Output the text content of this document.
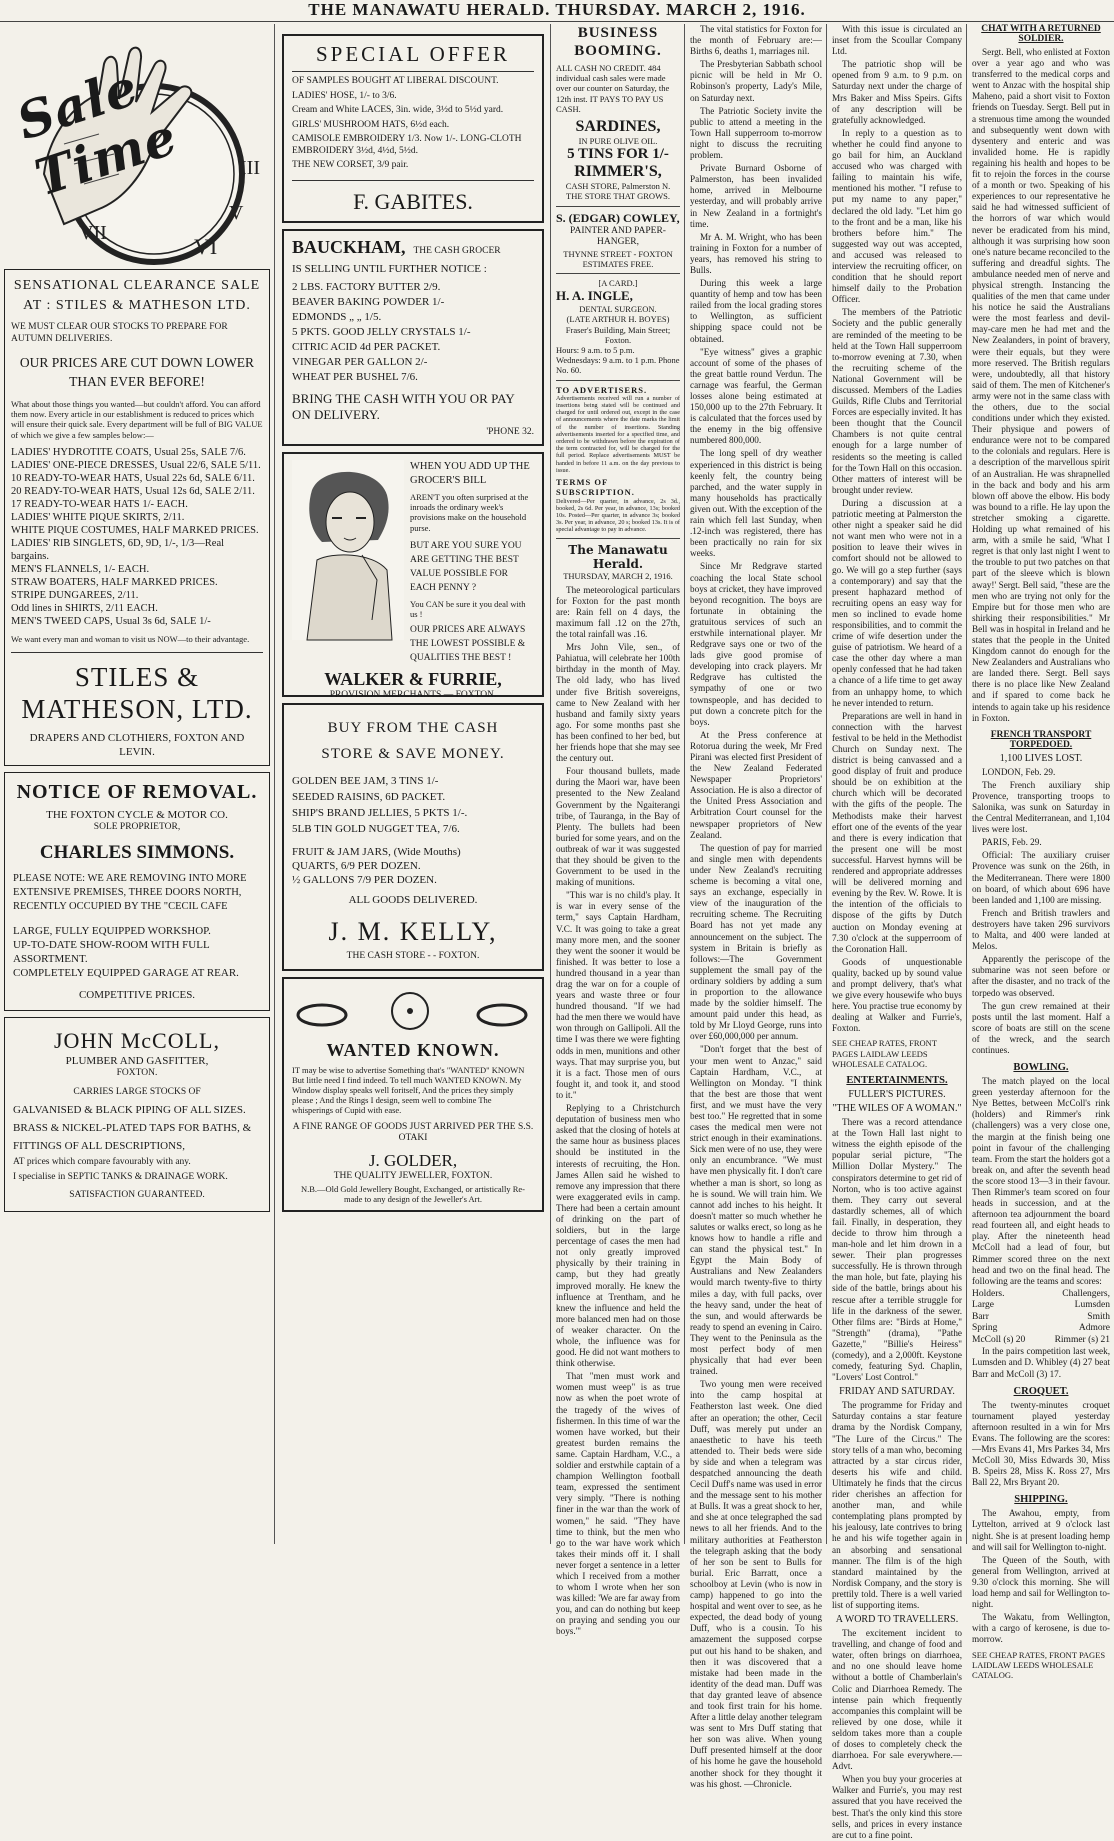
THE MANAWATU HERALD. THURSDAY. MARCH 2, 1916.
VI
V
III
VII
Sale Time
SENSATIONAL CLEARANCE SALE AT : STILES & MATHESON LTD.
WE MUST CLEAR OUR STOCKS TO PREPARE FOR AUTUMN DELIVERIES.
OUR PRICES ARE CUT DOWN LOWER THAN EVER BEFORE!
What about those things you wanted—but couldn't afford. You can afford them now. Every article in our establishment is reduced to prices which will ensure their quick sale. Every department will be full of BIG VALUE of which we give a few samples below:—
LADIES' HYDROTITE COATS, Usual 25s, SALE 7/6.
LADIES' ONE-PIECE DRESSES, Usual 22/6, SALE 5/11.
10 READY-TO-WEAR HATS, Usual 22s 6d, SALE 6/11.
20 READY-TO-WEAR HATS, Usual 12s 6d, SALE 2/11.
17 READY-TO-WEAR HATS 1/- EACH.
LADIES' WHITE PIQUE SKIRTS, 2/11.
WHITE PIQUE COSTUMES, HALF MARKED PRICES.
LADIES' RIB SINGLETS, 6D, 9D, 1/-, 1/3—Real bargains.
MEN'S FLANNELS, 1/- EACH.
STRAW BOATERS, HALF MARKED PRICES.
STRIPE DUNGAREES, 2/11.
Odd lines in SHIRTS, 2/11 EACH.
MEN'S TWEED CAPS, Usual 3s 6d, SALE 1/-
We want every man and woman to visit us NOW—to their advantage.
STILES & MATHESON, LTD.
DRAPERS AND CLOTHIERS, FOXTON AND LEVIN.
NOTICE OF REMOVAL.
THE FOXTON CYCLE & MOTOR CO.
SOLE PROPRIETOR,
CHARLES SIMMONS.
PLEASE NOTE: WE ARE REMOVING INTO MORE EXTENSIVE PREMISES, THREE DOORS NORTH, RECENTLY OCCUPIED BY THE "CECIL CAFE
LARGE, FULLY EQUIPPED WORKSHOP.
UP-TO-DATE SHOW-ROOM WITH FULL ASSORTMENT.
COMPLETELY EQUIPPED GARAGE AT REAR.
COMPETITIVE PRICES.
JOHN McCOLL,
PLUMBER AND GASFITTER,
FOXTON.
CARRIES LARGE STOCKS OF
GALVANISED & BLACK PIPING OF ALL SIZES.
BRASS & NICKEL-PLATED TAPS FOR BATHS, &
FITTINGS OF ALL DESCRIPTIONS,
AT prices which compare favourably with any.
I specialise in SEPTIC TANKS & DRAINAGE WORK.
SATISFACTION GUARANTEED.
SPECIAL OFFER
OF SAMPLES BOUGHT AT LIBERAL DISCOUNT.
LADIES' HOSE, 1/- to 3/6.
Cream and White LACES, 3in. wide, 3½d to 5½d yard.
GIRLS' MUSHROOM HATS, 6½d each.
CAMISOLE EMBROIDERY 1/3. Now 1/-. LONG-CLOTH EMBROIDERY 3½d, 4½d, 5½d.
THE NEW CORSET, 3/9 pair.
F. GABITES.
BAUCKHAM, THE CASH GROCER
IS SELLING UNTIL FURTHER NOTICE :
2 LBS. FACTORY BUTTER 2/9.
BEAVER BAKING POWDER 1/-
EDMONDS „ „ 1/5.
5 PKTS. GOOD JELLY CRYSTALS 1/-
CITRIC ACID 4d PER PACKET.
VINEGAR PER GALLON 2/-
WHEAT PER BUSHEL 7/6.
BRING THE CASH WITH YOU OR PAY ON DELIVERY.
'PHONE 32.
WHEN YOU ADD UP THE GROCER'S BILL
AREN'T you often surprised at the inroads the ordinary week's provisions make on the household purse.
BUT ARE YOU SURE YOU ARE GETTING THE BEST VALUE POSSIBLE FOR EACH PENNY ?
You CAN be sure it you deal with us !
OUR PRICES ARE ALWAYS THE LOWEST POSSIBLE & QUALITIES THE BEST !
WALKER & FURRIE,
PROVISION MERCHANTS — FOXTON.
BUY FROM THE CASH STORE & SAVE MONEY.
GOLDEN BEE JAM, 3 TINS 1/-
SEEDED RAISINS, 6D PACKET.
SHIP'S BRAND JELLIES, 5 PKTS 1/-.
5LB TIN GOLD NUGGET TEA, 7/6.
FRUIT & JAM JARS, (Wide Mouths)
QUARTS, 6/9 PER DOZEN.
½ GALLONS 7/9 PER DOZEN.
ALL GOODS DELIVERED.
J. M. KELLY,
THE CASH STORE - - FOXTON.
WANTED KNOWN.
IT may be wise to advertise Something that's "WANTED" KNOWN But little need I find indeed. To tell much WANTED KNOWN. My Window display speaks well foritself, And the prices they simply please ; And the Rings I design, seem well to combine The whisperings of Cupid with ease.
A FINE RANGE OF GOODS JUST ARRIVED PER THE S.S. OTAKI
J. GOLDER,
THE QUALITY JEWELLER, FOXTON.
N.B.—Old Gold Jewellery Bought, Exchanged, or artistically Re-made to any design of the Jeweller's Art.
BUSINESS BOOMING.
ALL CASH NO CREDIT. 484 individual cash sales were made over our counter on Saturday, the 12th inst. IT PAYS TO PAY US CASH.
SARDINES,
IN PURE OLIVE OIL.
5 TINS FOR 1/-
RIMMER'S,
CASH STORE, Palmerston N.
THE STORE THAT GROWS.
S. (EDGAR) COWLEY,
PAINTER AND PAPER-HANGER,
THYNNE STREET - FOXTON
ESTIMATES FREE.
[A CARD.]
H. A. INGLE,
DENTAL SURGEON.
(LATE ARTHUR H. BOYES)
Fraser's Building, Main Street; Foxton.
Hours: 9 a.m. to 5 p.m. Wednesdays: 9 a.m. to 1 p.m. Phone No. 60.
TO ADVERTISERS.
Advertisements received will run a number of insertions being stated will be continued and charged for until ordered out, except in the case of announcements where the date marks the limit of the number of insertions. Standing advertisements inserted for a specified time, and ordered to be withdrawn before the expiration of the term contracted for, will be charged for the full period. Replace advertisements MUST be handed in before 11 a.m. on the day previous to issue.
TERMS OF SUBSCRIPTION.
Delivered—Per quarter, in advance, 2s 3d., booked, 2s 6d. Per year, in advance, 13s; booked 10s. Posted—Per quarter, in advance 3s; booked 3s. Per year, in advance, 20 s; booked 13s. It is of special advantage to pay in advance.
The Manawatu Herald.
THURSDAY, MARCH 2, 1916.
The meteorological particulars for Foxton for the past month are: Rain fell on 4 days, the maximum fall .12 on the 27th, the total rainfall was .16.
Mrs John Vile, sen., of Pahiatua, will celebrate her 100th birthday in the month of May. The old lady, who has lived under five British sovereigns, came to New Zealand with her husband and family sixty years ago. For some months past she has been confined to her bed, but her friends hope that she may see the century out.
Four thousand bullets, made during the Maori war, have been presented to the New Zealand Government by the Ngaiterangi tribe, of Tauranga, in the Bay of Plenty. The bullets had been buried for some years, and on the outbreak of war it was suggested that they should be given to the Government to be used in the making of munitions.
"This war is no child's play. It is war in every sense of the term," says Captain Hardham, V.C. It was going to take a great many more men, and the sooner they went the sooner it would be finished. It was better to lose a hundred thousand in a year than drag the war on for a couple of years and waste three or four hundred thousand. "If we had had the men there we would have won through on Gallipoli. All the time I was there we were fighting odds in men, munitions and other ways. That may surprise you, but it is a fact. Those men of ours fought it, and took it, and stood to it."
Replying to a Christchurch deputation of business men who asked that the closing of hotels at the same hour as business places should be instituted in the interests of recruiting, the Hon. James Allen said he wished to remove any impression that there were exaggerated evils in camp. There had been a certain amount of drinking on the part of soldiers, but in the large percentage of cases the men had not only greatly improved physically by their training in camp, but they had greatly improved morally. He knew the influence at Trentham, and he knew the influence and held the more balanced men had on those of weaker character. On the whole, the influence was for good. He did not want mothers to think otherwise.
That "men must work and women must weep" is as true now as when the poet wrote of the tragedy of the wives of fishermen. In this time of war the women have worked, but their greatest burden remains the same. Captain Hardham, V.C., a soldier and erstwhile captain of a champion Wellington football team, expressed the sentiment very simply. "There is nothing finer in the war than the work of women," he said. "They have time to think, but the men who go to the war have work which takes their minds off it. I shall never forget a sentence in a letter which I received from a mother to whom I wrote when her son was killed: 'We are far away from you, and can do nothing but keep on praying and sending you our boys.'"
The vital statistics for Foxton for the month of February are:— Births 6, deaths 1, marriages nil.
The Presbyterian Sabbath school picnic will be held in Mr O. Robinson's property, Lady's Mile, on Saturday next.
The Patriotic Society invite the public to attend a meeting in the Town Hall supperroom to-morrow night to discuss the recruiting problem.
Private Burnard Osborne of Palmerston, has been invalided home, arrived in Melbourne yesterday, and will probably arrive in New Zealand in a fortnight's time.
Mr A. M. Wright, who has been training in Foxton for a number of years, has removed his string to Bulls.
During this week a large quantity of hemp and tow has been railed from the local grading stores to Wellington, as sufficient shipping space could not be obtained.
"Eye witness" gives a graphic account of some of the phases of the great battle round Verdun. The carnage was fearful, the German losses alone being estimated at 150,000 up to the 27th February. It is calculated that the forces used by the enemy in the big offensive numbered 800,000.
The long spell of dry weather experienced in this district is being keenly felt, the country being parched, and the water supply in many households has practically given out. With the exception of the rain which fell last Sunday, when .12-inch was registered, there has been practically no rain for six weeks.
Since Mr Redgrave started coaching the local State school boys at cricket, they have improved beyond recognition. The boys are fortunate in obtaining the gratuitous services of such an erstwhile international player. Mr Redgrave says one or two of the lads give good promise of developing into crack players. Mr Redgrave has cultisted the sympathy of one or two townspeople, and has decided to put down a concrete pitch for the boys.
At the Press conference at Rotorua during the week, Mr Fred Pirani was elected first President of the New Zealand Federated Newspaper Proprietors' Association. He is also a director of the United Press Association and Arbitration Court counsel for the newspaper proprietors of New Zealand.
The question of pay for married and single men with dependents under New Zealand's recruiting scheme is becoming a vital one, says an exchange, especially in view of the inauguration of the recruiting scheme. The Recruiting Board has not yet made any announcement on the subject. The system in Britain is briefly as follows:—The Government supplement the small pay of the ordinary soldiers by adding a sum in proportion to the allowance made by the soldier himself. The amount paid under this head, as told by Mr Lloyd George, runs into over £60,000,000 per annum.
"Don't forget that the best of your men went to Anzac," said Captain Hardham, V.C., at Wellington on Monday. "I think that the best are those that went first, and we must have the very best too." He regretted that in some cases the medical men were not strict enough in their examinations. Sick men were of no use, they were only an encumbrance. "We must have men physically fit. I don't care whether a man is short, so long as he is sound. We will train him. We cannot add inches to his height. It doesn't matter so much whether he salutes or walks erect, so long as he knows how to handle a rifle and can stand the physical test." In Egypt the Main Body of Australians and New Zealanders would march twenty-five to thirty miles a day, with full packs, over the heavy sand, under the heat of the sun, and would afterwards be ready to spend an evening in Cairo. They went to the Peninsula as the most perfect body of men physically that had ever been trained.
Two young men were received into the camp hospital at Featherston last week. One died after an operation; the other, Cecil Duff, was merely put under an anaesthetic to have his teeth attended to. Their beds were side by side and when a telegram was despatched announcing the death Cecil Duff's name was used in error and the message sent to his mother at Bulls. It was a great shock to her, and she at once telegraphed the sad news to all her friends. And to the military authorities at Featherston the telegraph asking that the body of her son be sent to Bulls for burial. Eric Barratt, once a schoolboy at Levin (who is now in camp) happened to go into the hospital and went over to see, as he expected, the dead body of young Duff, who is a cousin. To his amazement the supposed corpse put out his hand to be shaken, and then it was discovered that a mistake had been made in the identity of the dead man. Duff was that day granted leave of absence and took first train for his home. After a little delay another telegram was sent to Mrs Duff stating that her son was alive. When young Duff presented himself at the door of his home he gave the household another shock for they thought it was his ghost. —Chronicle.
With this issue is circulated an inset from the Scoullar Company Ltd.
The patriotic shop will be opened from 9 a.m. to 9 p.m. on Saturday next under the charge of Mrs Baker and Miss Speirs. Gifts of any description will be gratefully acknowledged.
In reply to a question as to whether he could find anyone to go bail for him, an Auckland accused who was charged with failing to maintain his wife, mentioned his mother. "I refuse to put my name to any paper," declared the old lady. "Let him go to the front and be a man, like his brothers before him." The suggested way out was accepted, and accused was released to interview the recruiting officer, on condition that he should report himself daily to the Probation Officer.
The members of the Patriotic Society and the public generally are reminded of the meeting to be held at the Town Hall supperroom to-morrow evening at 7.30, when the recruiting scheme of the National Government will be discussed. Members of the Ladies Guilds, Rifle Clubs and Territorial Forces are especially invited. It has been thought that the Council Chambers is not quite central enough for a large number of residents so the meeting is called for the Town Hall on this occasion. Other matters of interest will be brought under review.
During a discussion at a patriotic meeting at Palmerston the other night a speaker said he did not want men who were not in a position to leave their wives in comfort should not be allowed to go. We will go a step further (says a contemporary) and say that the present haphazard method of recruiting opens an easy way for men so inclined to evade home responsibilities, and to commit the crime of wife desertion under the guise of patriotism. We heard of a case the other day where a man openly confessed that he had taken a chance of a life time to get away from an unhappy home, to which he never intended to return.
Preparations are well in hand in connection with the harvest festival to be held in the Methodist Church on Sunday next. The district is being canvassed and a good display of fruit and produce should be on exhibition at the church which will be decorated with the gifts of the people. The Methodists make their harvest effort one of the events of the year and there is every indication that the present one will be most successful. Harvest hymns will be rendered and appropriate addresses will be delivered morning and evening by the Rev. W. Rowe. It is the intention of the officials to dispose of the gifts by Dutch auction on Monday evening at 7.30 o'clock at the supperroom of the Coronation Hall.
Goods of unquestionable quality, backed up by sound value and prompt delivery, that's what we give every housewife who buys here. You practise true economy by dealing at Walker and Furrie's, Foxton.
SEE CHEAP RATES, FRONT PAGES LAIDLAW LEEDS WHOLESALE CATALOG.
ENTERTAINMENTS.
FULLER'S PICTURES.
"THE WILES OF A WOMAN."
There was a record attendance at the Town Hall last night to witness the eighth episode of the popular serial picture, "The Million Dollar Mystery." The conspirators determine to get rid of Norton, who is too active against them. They carry out several dastardly schemes, all of which fail. Finally, in desperation, they decide to throw him through a man-hole and let him drown in a sewer. Their plan progresses successfully. He is thrown through the man hole, but fate, playing his side of the battle, brings about his rescue after a terrible struggle for life in the darkness of the sewer. Other films are: "Birds at Home," "Strength" (drama), "Pathe Gazette," "Billie's Heiress" (comedy), and a 2,000ft. Keystone comedy, featuring Syd. Chaplin, "Lovers' Lost Control."
FRIDAY AND SATURDAY.
The programme for Friday and Saturday contains a star feature drama by the Nordisk Company, "The Lure of the Circus." The story tells of a man who, becoming attracted by a star circus rider, deserts his wife and child. Ultimately he finds that the circus rider cherishes an affection for another man, and while contemplating plans prompted by his jealousy, late contrives to bring he and his wife together again in an absorbing and sensational manner. The film is of the high standard maintained by the Nordisk Company, and the story is prettily told. There is a well varied list of supporting items.
A WORD TO TRAVELLERS.
The excitement incident to travelling, and change of food and water, often brings on diarrhoea, and no one should leave home without a bottle of Chamberlain's Colic and Diarrhoea Remedy. The intense pain which frequently accompanies this complaint will be relieved by one dose, while it seldom takes more than a couple of doses to completely check the diarrhoea. For sale everywhere.—Advt.
When you buy your groceries at Walker and Furrie's, you may rest assured that you have received the best. That's the only kind this store sells, and prices in every instance are cut to a fine point.
CHAT WITH A RETURNED SOLDIER.
Sergt. Bell, who enlisted at Foxton over a year ago and who was transferred to the medical corps and went to Anzac with the hospital ship Maheno, paid a short visit to Foxton friends on Tuesday. Sergt. Bell put in a strenuous time among the wounded and subsequently went down with dysentery and enteric and was invalided home. He is rapidly regaining his health and hopes to be fit to rejoin the forces in the course of a month or two. Speaking of his experiences to our representative he said he had witnessed sufficient of the horrors of war which would never be eradicated from his mind, although it was surprising how soon one's nature became reconciled to the suffering and dreadful sights. The ambulance needed men of nerve and physical strength. Instancing the qualities of the men that came under his notice he said the Australians were the most fearless and devil-may-care men he had met and the New Zealanders, in point of bravery, were their equals, but they were more reserved. The British regulars were, undoubtedly, all that history said of them. The men of Kitchener's army were not in the same class with the others, due to the social conditions under which they existed. Their physique and powers of endurance were not to be compared to the colonials and regulars. Here is a description of the marvellous spirit of an Australian. He was shrapnelled in the back and body and his arm blown off above the elbow. His body was bound to a rifle. He lay upon the stretcher smoking a cigarette. Holding up what remained of his arm, with a smile he said, 'What I regret is that only last night I went to the trouble to put two patches on that part of the sleeve which is blown away!' Sergt. Bell said, "these are the men who are trying not only for the Empire but for those men who are shirking their responsibilities." Mr Bell was in hospital in Ireland and he states that the people in the United Kingdom cannot do enough for the New Zealanders and Australians who are landed there. Sergt. Bell says there is no place like New Zealand and if spared to come back he intends to again take up his residence in Foxton.
FRENCH TRANSPORT TORPEDOED.
1,100 LIVES LOST.
LONDON, Feb. 29.
The French auxiliary ship Provence, transporting troops to Salonika, was sunk on Saturday in the Central Mediterranean, and 1,104 lives were lost.
PARIS, Feb. 29.
Official: The auxiliary cruiser Provence was sunk on the 26th, in the Mediterranean. There were 1800 on board, of which about 696 have been landed and 1,100 are missing.
French and British trawlers and destroyers have taken 296 survivors to Malta, and 400 were landed at Melos.
Apparently the periscope of the submarine was not seen before or after the disaster, and no track of the torpedo was observed.
The gun crew remained at their posts until the last moment. Half a score of boats are still on the scene of the wreck, and the search continues.
BOWLING.
The match played on the local green yesterday afternoon for the Nye Bettes, between McColl's rink (holders) and Rimmer's rink (challengers) was a very close one, the margin at the finish being one point in favour of the challenging team. From the start the holders got a break on, and after the seventh head the score stood 13—3 in their favour. Then Rimmer's team scored on four heads in succession, and at the afternoon tea adjournment the board read fourteen all, and eight heads to play. After the nineteenth head McColl had a lead of four, but Rimmer scored three on the next head and two on the final head. The following are the teams and scores:
Holders.	Challengers,
Large	Lumsden
Barr	Smith
Spring	Admore
McColl (s) 20	Rimmer (s) 21
In the pairs competition last week, Lumsden and D. Whibley (4) 27 beat Barr and McColl (3) 17.
CROQUET.
The twenty-minutes croquet tournament played yesterday afternoon resulted in a win for Mrs Evans. The following are the scores:—Mrs Evans 41, Mrs Parkes 34, Mrs McColl 30, Miss Edwards 30, Miss B. Speirs 28, Miss K. Ross 27, Mrs Ball 22, Mrs Bryant 20.
SHIPPING.
The Awahou, empty, from Lyttelton, arrived at 9 o'clock last night. She is at present loading hemp and will sail for Wellington to-night.
The Queen of the South, with general from Wellington, arrived at 9.30 o'clock this morning. She will load hemp and sail for Wellington to-night.
The Wakatu, from Wellington, with a cargo of kerosene, is due to-morrow.
SEE CHEAP RATES, FRONT PAGES LAIDLAW LEEDS WHOLESALE CATALOG.
